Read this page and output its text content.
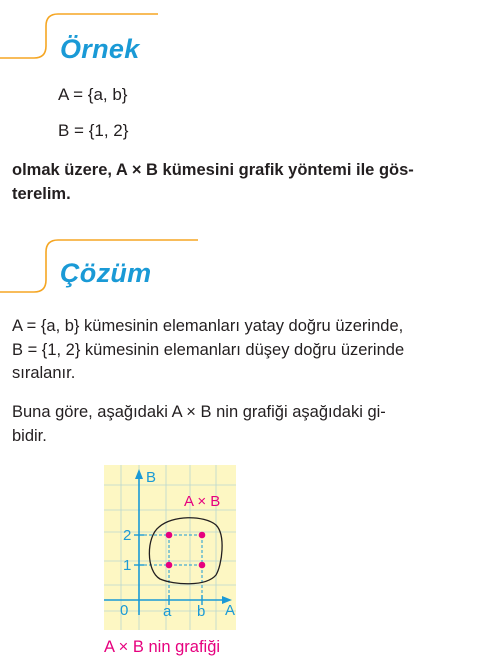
Örnek
A = {a, b}
B = {1, 2}
olmak üzere, A × B kümesini grafik yöntemi ile gös-
terelim.
Çözüm
A = {a, b} kümesinin elemanları yatay doğru üzerinde,
B = {1, 2} kümesinin elemanları düşey doğru üzerinde
sıralanır.
Buna göre, aşağıdaki A × B nin grafiği aşağıdaki gi-
bidir.
B
A
0 a b
1
2
A × B
A × B nin grafiği
